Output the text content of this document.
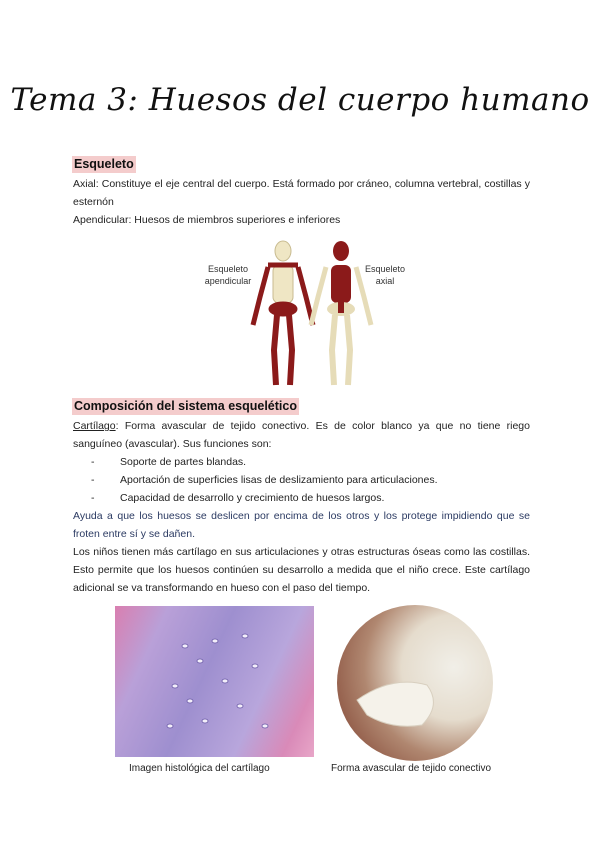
Tema 3: Huesos del cuerpo humano
Esqueleto
Axial: Constituye el eje central del cuerpo. Está formado por cráneo, columna vertebral, costillas y esternón
Apendicular: Huesos de miembros superiores e inferiores
Esqueleto
apendicular
Esqueleto
axial
Composición del sistema esquelético
Cartílago: Forma avascular de tejido conectivo. Es de color blanco ya que no tiene riego sanguíneo (avascular). Sus funciones son:
- Soporte de partes blandas.
- Aportación de superficies lisas de deslizamiento para articulaciones.
- Capacidad de desarrollo y crecimiento de huesos largos.
Ayuda a que los huesos se deslicen por encima de los otros y los protege impidiendo que se froten entre sí y se dañen.
Los niños tienen más cartílago en sus articulaciones y otras estructuras óseas como las costillas. Esto permite que los huesos continúen su desarrollo a medida que el niño crece. Este cartílago adicional se va transformando en hueso con el paso del tiempo.
Imagen histológica del cartílago	Forma avascular de tejido conectivo
